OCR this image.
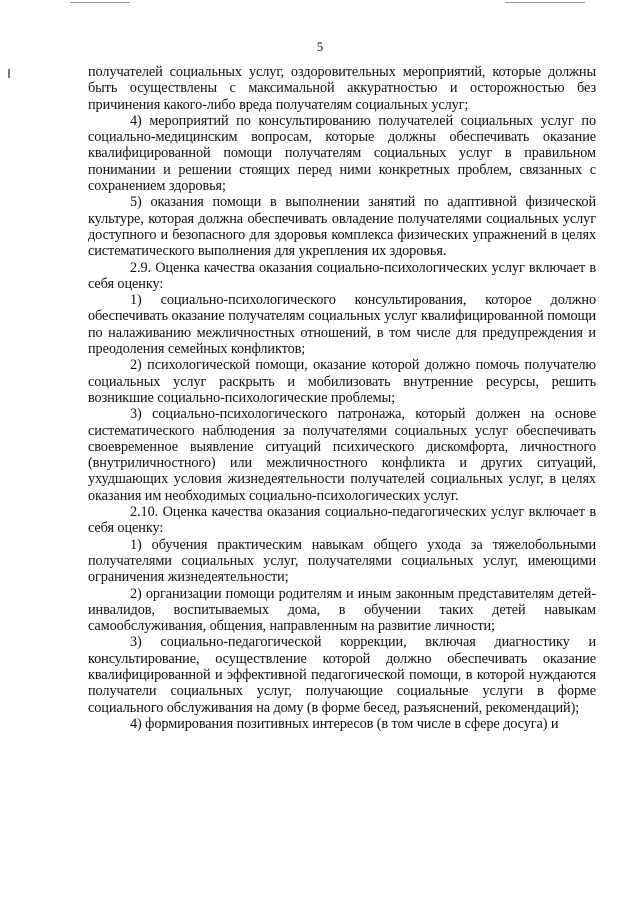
5

получателей социальных услуг, оздоровительных мероприятий, которые должны быть осуществлены с максимальной аккуратностью и осторожностью без причинения какого-либо вреда получателям социальных услуг;

4) мероприятий по консультированию получателей социальных услуг по социально-медицинским вопросам, которые должны обеспечивать оказание квалифицированной помощи получателям социальных услуг в правильном понимании и решении стоящих перед ними конкретных проблем, связанных с сохранением здоровья;

5) оказания помощи в выполнении занятий по адаптивной физической культуре, которая должна обеспечивать овладение получателями социальных услуг доступного и безопасного для здоровья комплекса физических упражнений в целях систематического выполнения для укрепления их здоровья.

2.9. Оценка качества оказания социально-психологических услуг включает в себя оценку:

1) социально-психологического консультирования, которое должно обеспечивать оказание получателям социальных услуг квалифицированной помощи по налаживанию межличностных отношений, в том числе для предупреждения и преодоления семейных конфликтов;

2) психологической помощи, оказание которой должно помочь получателю социальных услуг раскрыть и мобилизовать внутренние ресурсы, решить возникшие социально-психологические проблемы;

3) социально-психологического патронажа, который должен на основе систематического наблюдения за получателями социальных услуг обеспечивать своевременное выявление ситуаций психического дискомфорта, личностного (внутриличностного) или межличностного конфликта и других ситуаций, ухудшающих условия жизнедеятельности получателей социальных услуг, в целях оказания им необходимых социально-психологических услуг.

2.10. Оценка качества оказания социально-педагогических услуг включает в себя оценку:

1) обучения практическим навыкам общего ухода за тяжелобольными получателями социальных услуг, получателями социальных услуг, имеющими ограничения жизнедеятельности;

2) организации помощи родителям и иным законным представителям детей-инвалидов, воспитываемых дома, в обучении таких детей навыкам самообслуживания, общения, направленным на развитие личности;

3) социально-педагогической коррекции, включая диагностику и консультирование, осуществление которой должно обеспечивать оказание квалифицированной и эффективной педагогической помощи, в которой нуждаются получатели социальных услуг, получающие социальные услуги в форме социального обслуживания на дому (в форме бесед, разъяснений, рекомендаций);

4) формирования позитивных интересов (в том числе в сфере досуга) и
